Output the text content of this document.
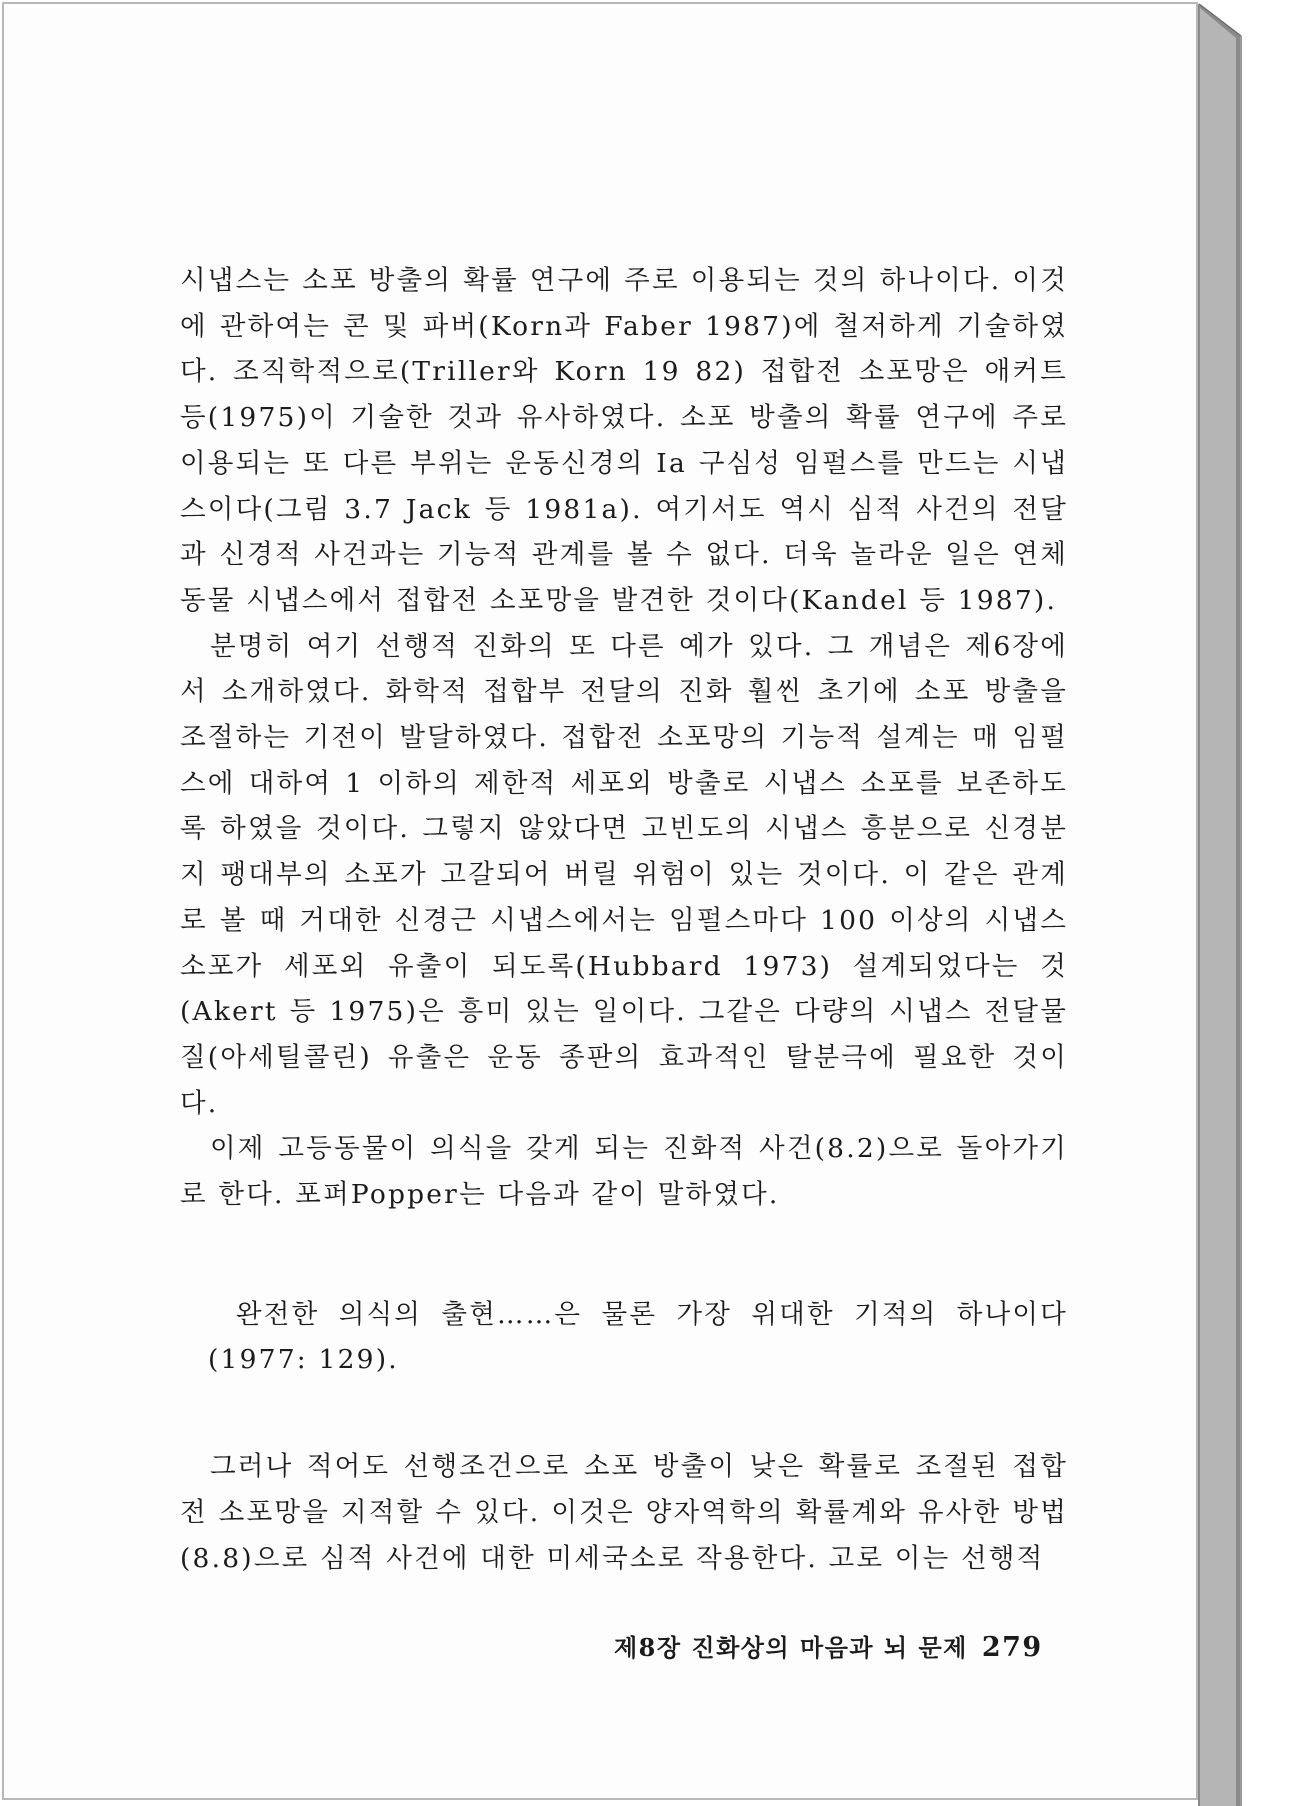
시냅스는 소포 방출의 확률 연구에 주로 이용되는 것의 하나이다. 이것에 관하여는 콘 및 파버(Korn과 Faber 1987)에 철저하게 기술하였다. 조직학적으로(Triller와 Korn 19 82) 접합전 소포망은 애커트 등(1975)이 기술한 것과 유사하였다. 소포 방출의 확률 연구에 주로 이용되는 또 다른 부위는 운동신경의 Ia 구심성 임펄스를 만드는 시냅스이다(그림 3.7 Jack 등 1981a). 여기서도 역시 심적 사건의 전달과 신경적 사건과는 기능적 관계를 볼 수 없다. 더욱 놀라운 일은 연체동물 시냅스에서 접합전 소포망을 발견한 것이다(Kandel 등 1987).

분명히 여기 선행적 진화의 또 다른 예가 있다. 그 개념은 제6장에서 소개하였다. 화학적 접합부 전달의 진화 훨씬 초기에 소포 방출을 조절하는 기전이 발달하였다. 접합전 소포망의 기능적 설계는 매 임펄스에 대하여 1 이하의 제한적 세포외 방출로 시냅스 소포를 보존하도록 하였을 것이다. 그렇지 않았다면 고빈도의 시냅스 흥분으로 신경분지 팽대부의 소포가 고갈되어 버릴 위험이 있는 것이다. 이 같은 관계로 볼 때 거대한 신경근 시냅스에서는 임펄스마다 100 이상의 시냅스 소포가 세포외 유출이 되도록(Hubbard 1973) 설계되었다는 것(Akert 등 1975)은 흥미 있는 일이다. 그같은 다량의 시냅스 전달물질(아세틸콜린) 유출은 운동 종판의 효과적인 탈분극에 필요한 것이다.

이제 고등동물이 의식을 갖게 되는 진화적 사건(8.2)으로 돌아가기로 한다. 포퍼Popper는 다음과 같이 말하였다.

완전한 의식의 출현……은 물론 가장 위대한 기적의 하나이다(1977: 129).

그러나 적어도 선행조건으로 소포 방출이 낮은 확률로 조절된 접합전 소포망을 지적할 수 있다. 이것은 양자역학의 확률계와 유사한 방법(8.8)으로 심적 사건에 대한 미세국소로 작용한다. 고로 이는 선행적

제8장 진화상의 마음과 뇌 문제 279
